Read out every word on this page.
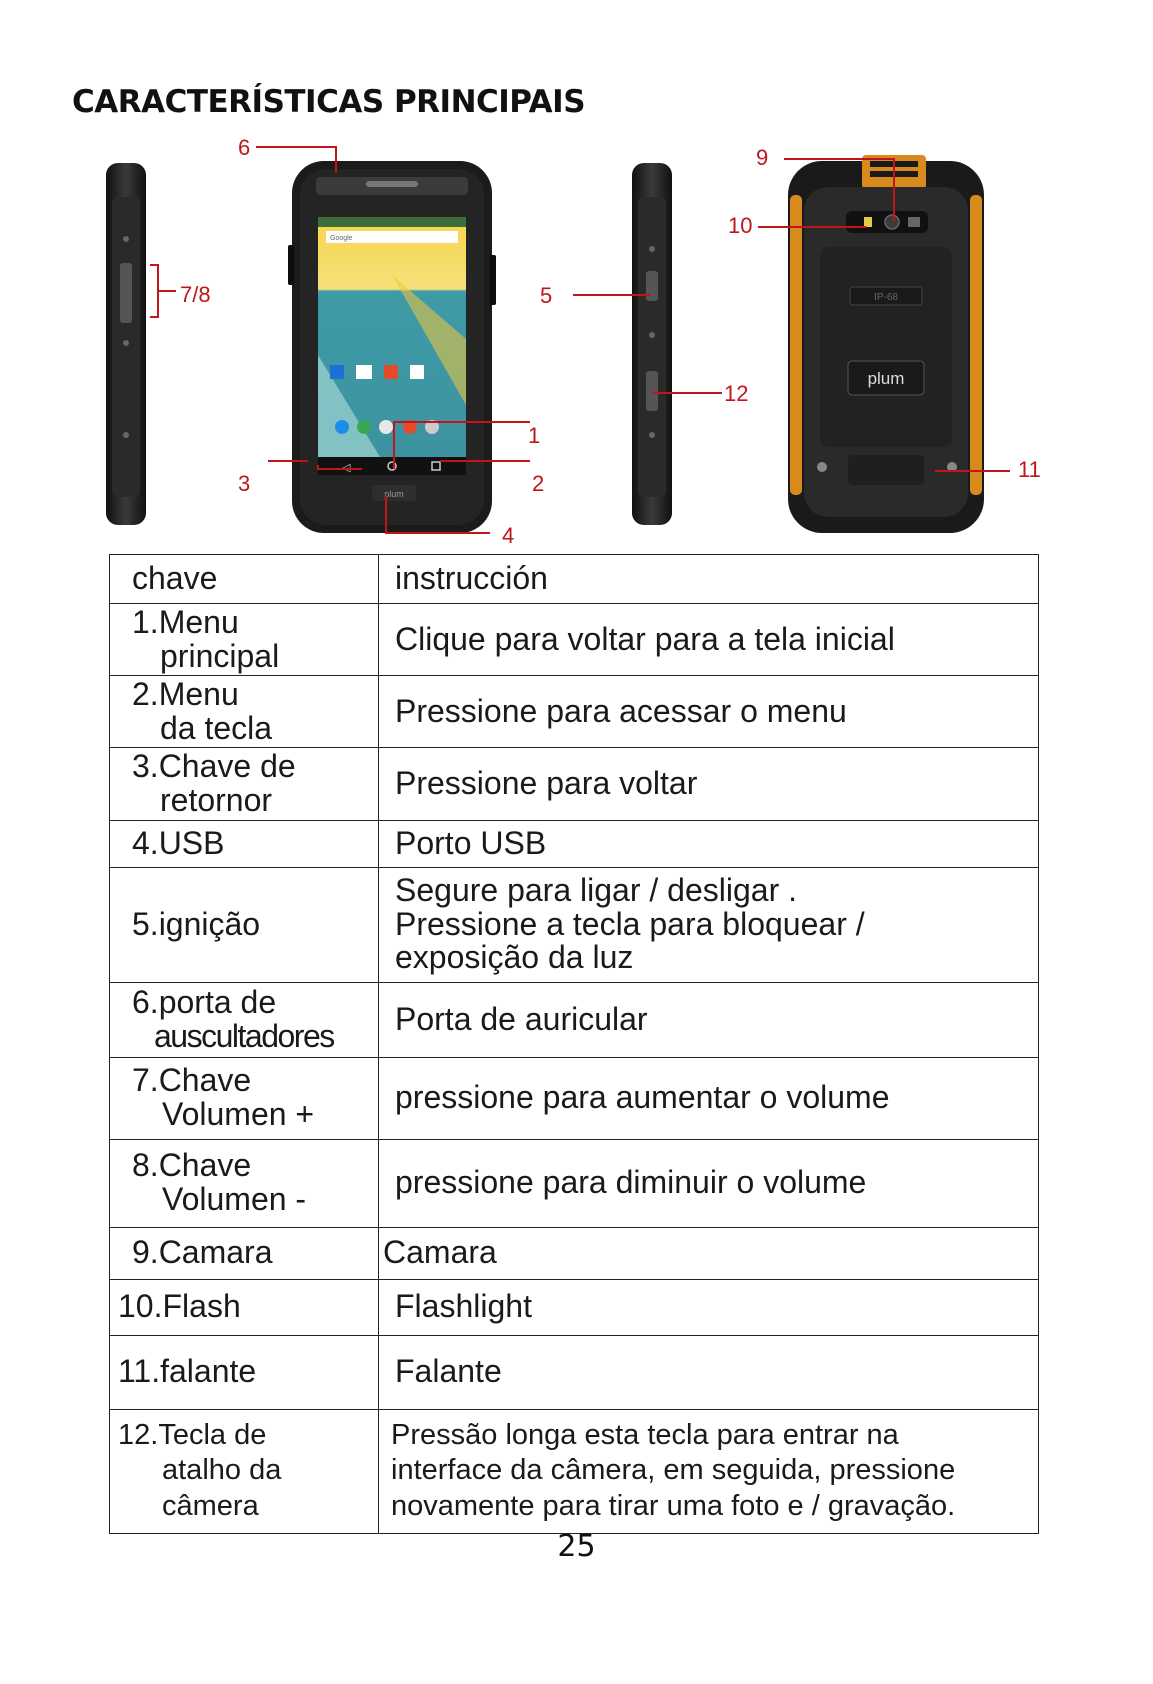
CARACTERÍSTICAS PRINCIPAIS
Google
◁
plum
IP-68
plum
6
7/8
3
5
1
2
4
9
10
12
11
chave	instrucción
1.Menu
principal	Clique para voltar para a tela inicial
2.Menu
da tecla	Pressione para acessar o menu
3.Chave de
retornor	Pressione para voltar
4.USB	Porto USB
5.ignição	Segure para ligar / desligar .
Pressione a tecla para bloquear /
exposição da luz
6.porta de
auscultadores	Porta de auricular
7.Chave
Volumen +	pressione para aumentar o volume
8.Chave
Volumen -	pressione para diminuir o volume
9.Camara	Camara
10.Flash	Flashlight
11.falante	Falante
12.Tecla de
atalho da
câmera	Pressão longa esta tecla para entrar na
interface da câmera, em seguida, pressione
novamente para tirar uma foto e / gravação.
25
